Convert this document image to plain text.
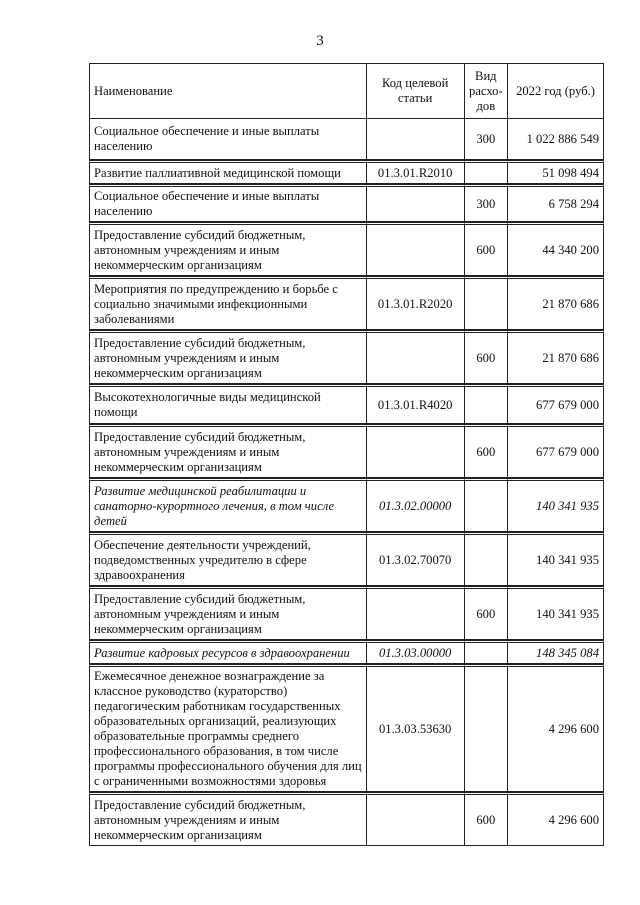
3
Наименование	Код целевой статьи	Вид расхо-дов	2022 год (руб.)
Социальное обеспечение и иные выплаты населению		300	1 022 886 549
Развитие паллиативной медицинской помощи	01.3.01.R2010		51 098 494
Социальное обеспечение и иные выплаты населению		300	6 758 294
Предоставление субсидий бюджетным, автономным учреждениям и иным некоммерческим организациям		600	44 340 200
Мероприятия по предупреждению и борьбе с социально значимыми инфекционными заболеваниями	01.3.01.R2020		21 870 686
Предоставление субсидий бюджетным, автономным учреждениям и иным некоммерческим организациям		600	21 870 686
Высокотехнологичные виды медицинской помощи	01.3.01.R4020		677 679 000
Предоставление субсидий бюджетным, автономным учреждениям и иным некоммерческим организациям		600	677 679 000
Развитие медицинской реабилитации и санаторно-курортного лечения, в том числе детей	01.3.02.00000		140 341 935
Обеспечение деятельности учреждений, подведомственных учредителю в сфере здравоохранения	01.3.02.70070		140 341 935
Предоставление субсидий бюджетным, автономным учреждениям и иным некоммерческим организациям		600	140 341 935
Развитие кадровых ресурсов в здравоохранении	01.3.03.00000		148 345 084
Ежемесячное денежное вознаграждение за классное руководство (кураторство) педагогическим работникам государственных образовательных организаций, реализующих образовательные программы среднего профессионального образования, в том числе программы профессионального обучения для лиц с ограниченными возможностями здоровья	01.3.03.53630		4 296 600
Предоставление субсидий бюджетным, автономным учреждениям и иным некоммерческим организациям		600	4 296 600
